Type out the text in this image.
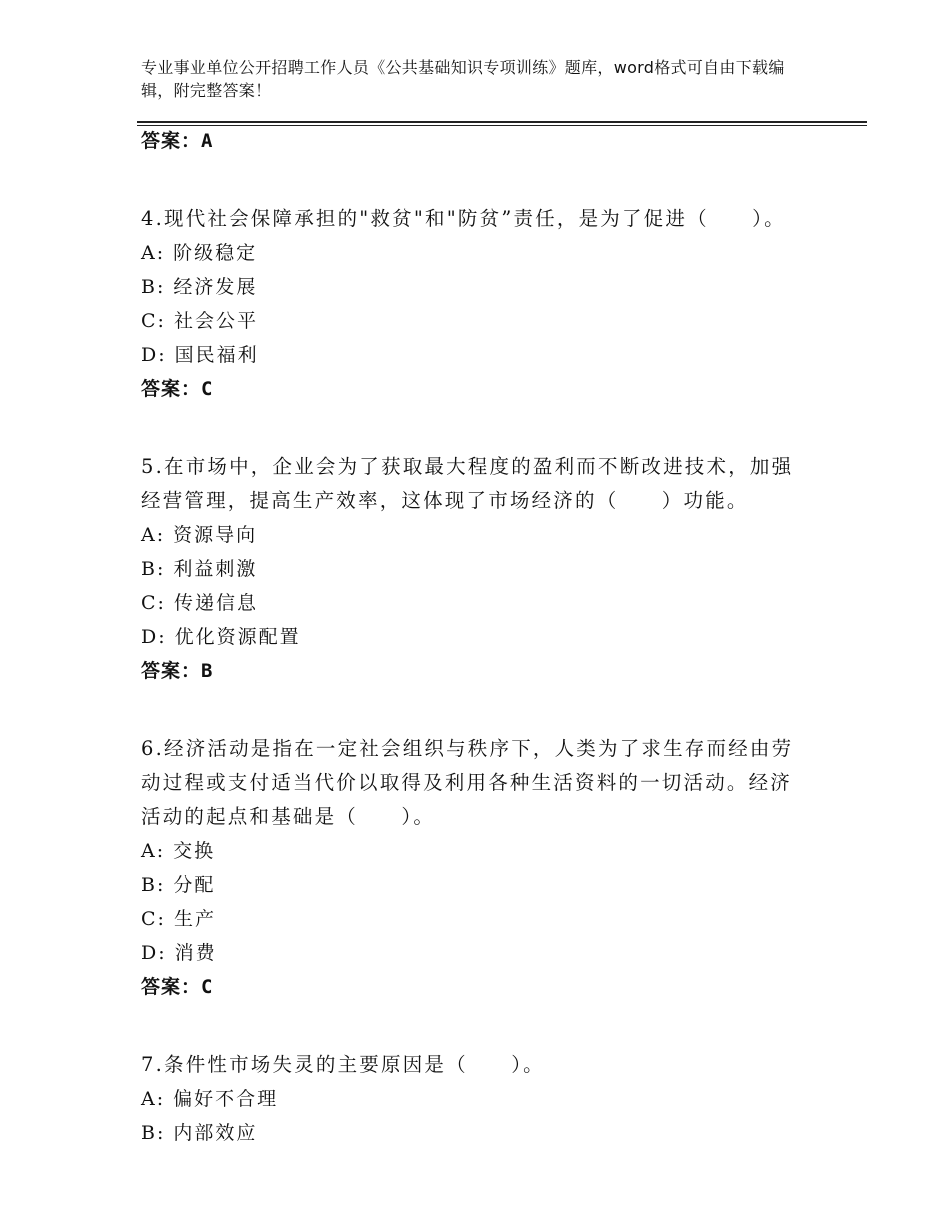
专业事业单位公开招聘工作人员《公共基础知识专项训练》题库，word格式可自由下载编辑，附完整答案！
答案：A
4.现代社会保障承担的"救贫"和"防贫”责任，是为了促进（　　）。
A: 阶级稳定
B: 经济发展
C: 社会公平
D: 国民福利
答案：C
5.在市场中，企业会为了获取最大程度的盈利而不断改进技术，加强经营管理，提高生产效率，这体现了市场经济的（　　）功能。
A: 资源导向
B: 利益刺激
C: 传递信息
D: 优化资源配置
答案：B
6.经济活动是指在一定社会组织与秩序下，人类为了求生存而经由劳动过程或支付适当代价以取得及利用各种生活资料的一切活动。经济活动的起点和基础是（　　）。
A: 交换
B: 分配
C: 生产
D: 消费
答案：C
7.条件性市场失灵的主要原因是（　　）。
A: 偏好不合理
B: 内部效应
